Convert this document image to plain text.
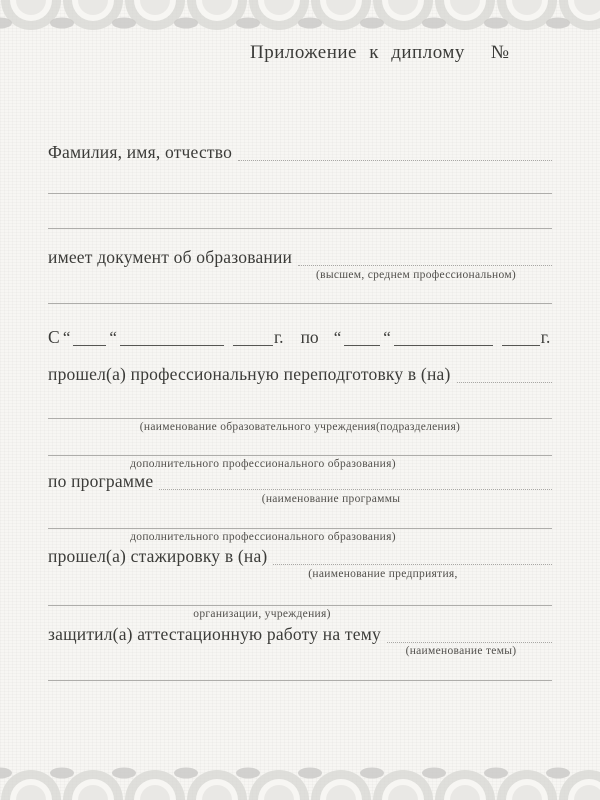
Приложение к диплому №
Фамилия, имя, отчество
имеет документ об образовании
(высшем, среднем профессиональном)
С “ “	г. по “ “	г.
прошел(а) профессиональную переподготовку в (на)
(наименование образовательного учреждения(подразделения)
дополнительного профессионального образования)
по программе
(наименование программы
дополнительного профессионального образования)
прошел(а) стажировку в (на)
(наименование предприятия,
организации, учреждения)
защитил(а) аттестационную работу на тему
(наименование темы)
